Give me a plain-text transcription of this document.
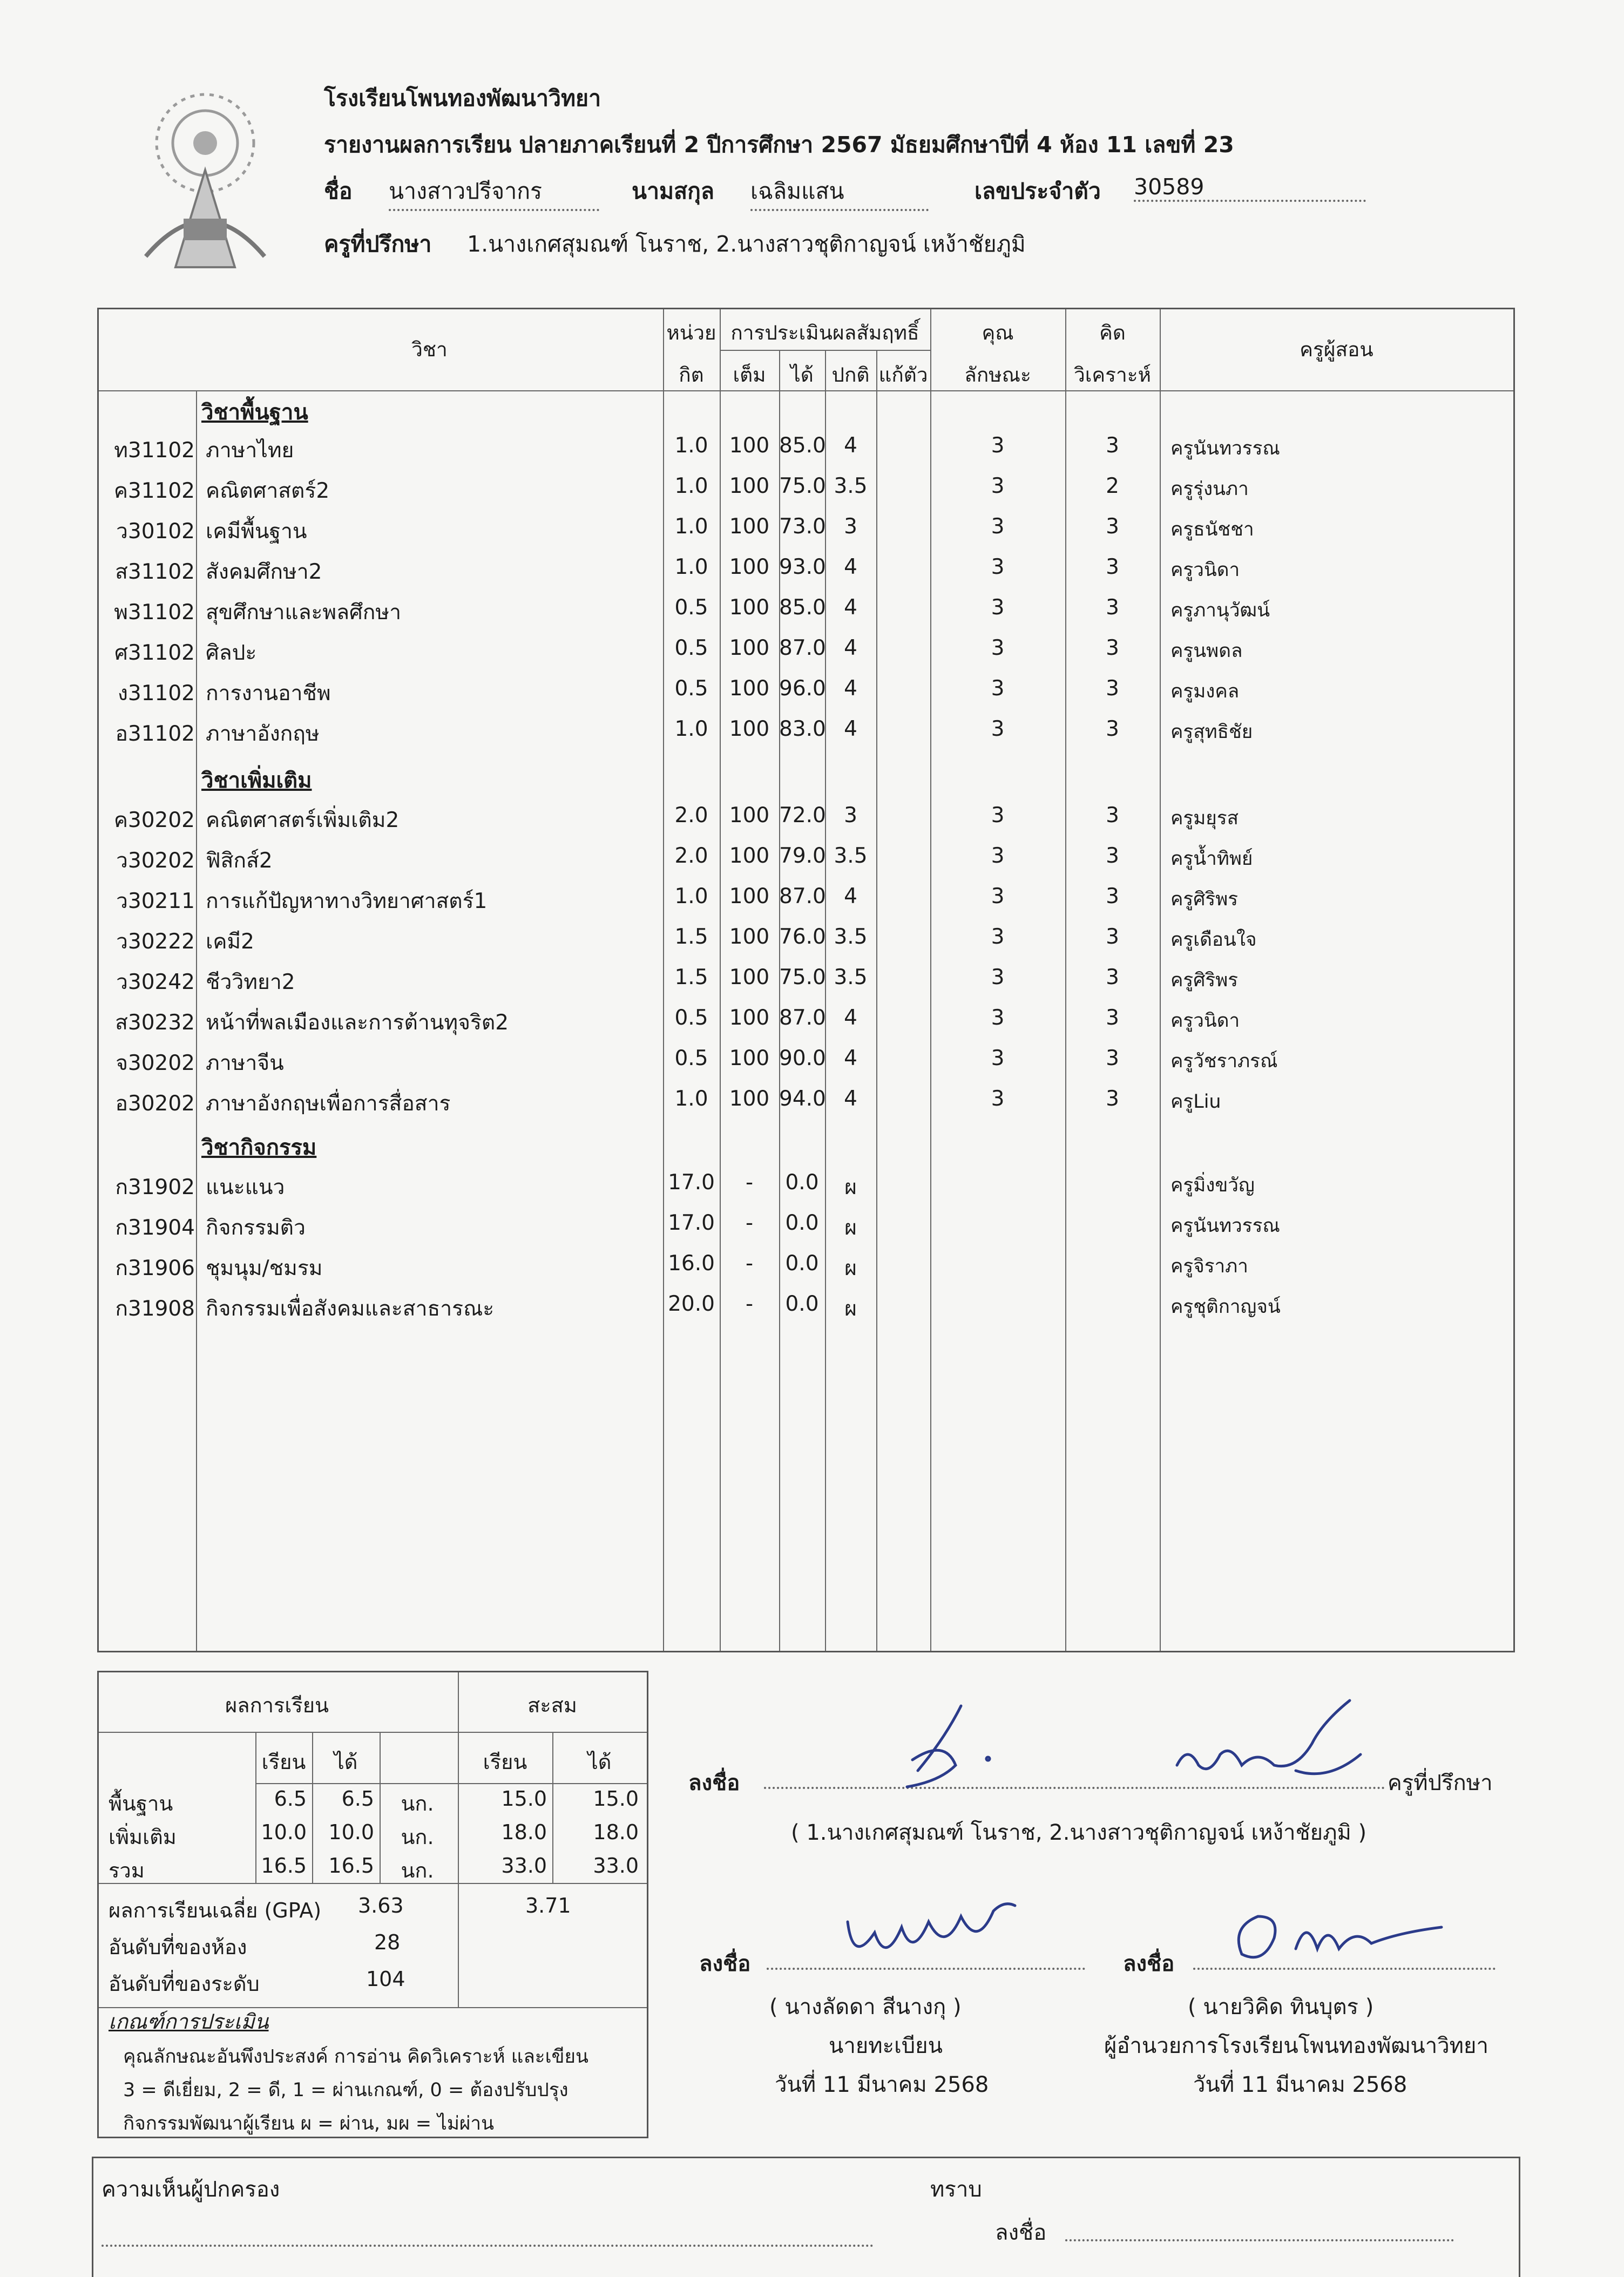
โรงเรียนโพนทองพัฒนาวิทยา
รายงานผลการเรียน ปลายภาคเรียนที่ 2 ปีการศึกษา 2567 มัธยมศึกษาปีที่ 4 ห้อง 11 เลขที่ 23
ชื่อ นางสาวปรีจากร	นามสกุล เฉลิมแสน	เลขประจำตัว 30589
ครูที่ปรึกษา 1.นางเกศสุมณฑ์ โนราช, 2.นางสาวชุติกาญจน์ เหง้าชัยภูมิ
วิชา
หน่วย
กิต
การประเมินผลสัมฤทธิ์
เต็ม	ได้ ปกติ แก้ตัว
คุณ
ลักษณะ
คิด
วิเคราะห์
ครูผู้สอน
วิชาพื้นฐาน
วิชาเพิ่มเติม
วิชากิจกรรม
ท31102 ภาษาไทย	1.0	100 85.0 4	3	3	ครูนันทวรรณ
ค31102 คณิตศาสตร์2	1.0	100 75.0 3.5	3	2	ครูรุ่งนภา
ว30102 เคมีพื้นฐาน	1.0	100 73.0 3	3	3	ครูธนัชชา
ส31102 สังคมศึกษา2	1.0	100 93.0 4	3	3	ครูวนิดา
พ31102 สุขศึกษาและพลศึกษา	0.5	100 85.0 4	3	3	ครูภานุวัฒน์
ศ31102 ศิลปะ	0.5	100 87.0 4	3	3	ครูนพดล
ง31102 การงานอาชีพ	0.5	100 96.0 4	3	3	ครูมงคล
อ31102 ภาษาอังกฤษ	1.0	100 83.0 4	3	3	ครูสุทธิชัย
ค30202 คณิตศาสตร์เพิ่มเติม2	2.0	100 72.0 3	3	3	ครูมยุรส
ว30202 ฟิสิกส์2	2.0	100 79.0 3.5	3	3	ครูน้ำทิพย์
ว30211 การแก้ปัญหาทางวิทยาศาสตร์1	1.0	100 87.0 4	3	3	ครูศิริพร
ว30222 เคมี2	1.5	100 76.0 3.5	3	3	ครูเดือนใจ
ว30242 ชีววิทยา2	1.5	100 75.0 3.5	3	3	ครูศิริพร
ส30232 หน้าที่พลเมืองและการต้านทุจริต2	0.5	100 87.0 4	3	3	ครูวนิดา
จ30202 ภาษาจีน	0.5	100 90.0 4	3	3	ครูวัชราภรณ์
อ30202 ภาษาอังกฤษเพื่อการสื่อสาร	1.0	100 94.0 4	3	3	ครูLiu
ก31902 แนะแนว	17.0	-	0.0	ผ	ครูมิ่งขวัญ
ก31904 กิจกรรมติว	17.0	-	0.0	ผ	ครูนันทวรรณ
ก31906 ชุมนุม/ชมรม	16.0	-	0.0	ผ	ครูจิราภา
ก31908 กิจกรรมเพื่อสังคมและสาธารณะ	20.0	-	0.0	ผ	ครูชุติกาญจน์
ผลการเรียน	สะสม
เรียน	ได้	เรียน	ได้
พื้นฐาน	6.5	6.5	นก.	15.0	15.0
เพิ่มเติม	10.0	10.0	นก.	18.0	18.0
รวม	16.5	16.5	นก.	33.0	33.0
ผลการเรียนเฉลี่ย (GPA) 3.63	3.71
อันดับที่ของห้อง	28
อันดับที่ของระดับ	104
เกณฑ์การประเมิน
คุณลักษณะอันพึงประสงค์ การอ่าน คิดวิเคราะห์ และเขียน
3 = ดีเยี่ยม, 2 = ดี, 1 = ผ่านเกณฑ์, 0 = ต้องปรับปรุง
กิจกรรมพัฒนาผู้เรียน ผ = ผ่าน, มผ = ไม่ผ่าน
ลงชื่อ	ครูที่ปรึกษา
( 1.นางเกศสุมณฑ์ โนราช, 2.นางสาวชุติกาญจน์ เหง้าชัยภูมิ )
ลงชื่อ
( นางลัดดา สีนางกุ )
นายทะเบียน
วันที่ 11 มีนาคม 2568
ลงชื่อ
( นายวิคิด ทินบุตร )
ผู้อำนวยการโรงเรียนโพนทองพัฒนาวิทยา
วันที่ 11 มีนาคม 2568
ความเห็นผู้ปกครอง	ทราบ
ลงชื่อ
